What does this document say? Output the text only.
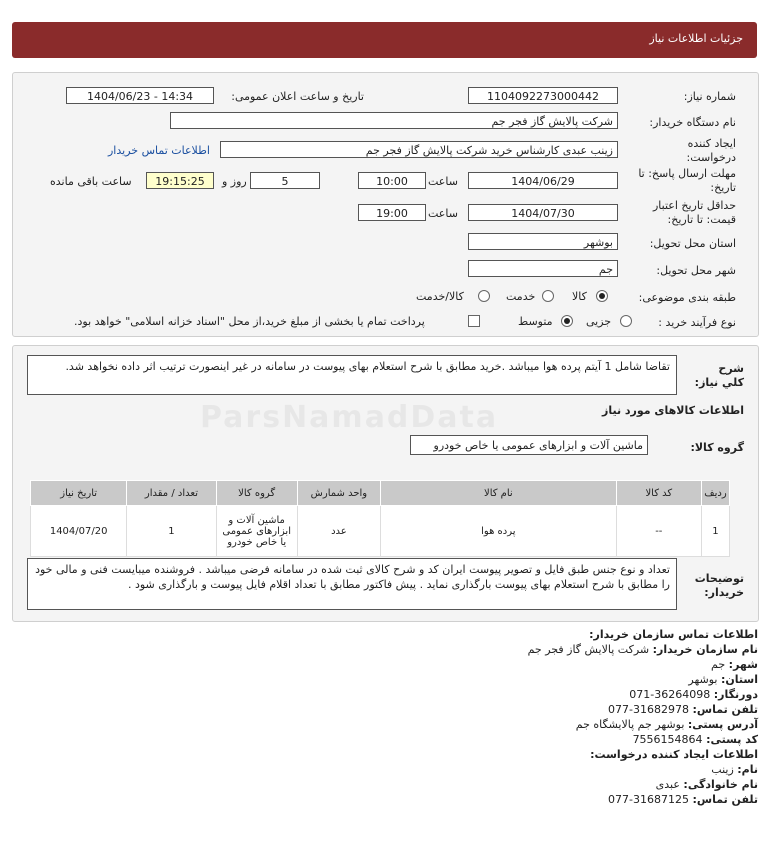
جزئیات اطلاعات نیاز
شماره نیاز:
1104092273000442
تاریخ و ساعت اعلان عمومی:
1404/06/23 - 14:34
نام دستگاه خریدار:
شرکت پالایش گاز فجر جم
ایجاد کننده درخواست:
زینب عبدی کارشناس خرید شرکت پالایش گاز فجر جم
اطلاعات تماس خریدار
مهلت ارسال پاسخ: تا تاریخ:
1404/06/29
ساعت
10:00
5
روز و
19:15:25
ساعت باقی مانده
حداقل تاریخ اعتبار قیمت: تا تاریخ:
1404/07/30
ساعت
19:00
استان محل تحویل:
بوشهر
شهر محل تحویل:
جم
طبقه بندی موضوعی:
کالا
خدمت
کالا/خدمت
نوع فرآیند خرید :
جزیی
متوسط
پرداخت تمام یا بخشی از مبلغ خرید،از محل "اسناد خزانه اسلامی" خواهد بود.
شرح کلي نياز:
تقاضا شامل 1 آیتم پرده هوا میباشد .خرید مطابق با شرح استعلام بهای پیوست در سامانه در غیر اینصورت ترتیب اثر داده نخواهد شد.
اطلاعات کالاهای مورد نیاز
گروه کالا:
ماشین آلات و ابزارهای عمومی یا خاص خودرو
ردیف	کد کالا	نام کالا	واحد شمارش	گروه کالا	تعداد / مقدار	تاریخ نیاز
1	--	پرده هوا	عدد	ماشین آلات و ابزارهای عمومی یا خاص خودرو	1	1404/07/20
توضیحات خریدار:
تعداد و نوع جنس طبق فایل و تصویر پیوست ایران کد و شرح کالای ثبت شده در سامانه فرضی میباشد . فروشنده میبایست فنی و مالی خود را مطابق با شرح استعلام بهای پیوست بارگذاری نماید . پیش فاکتور مطابق با تعداد اقلام فایل پیوست و بارگذاری شود .
اطلاعات تماس سازمان خریدار:
نام سازمان خریدار: شرکت پالایش گاز فجر جم
شهر: جم
استان: بوشهر
دورنگار: 36264098-071
تلفن تماس: 31682978-077
آدرس پستی: بوشهر جم پالایشگاه جم
کد پستی: 7556154864
اطلاعات ایجاد کننده درخواست:
نام: زینب
نام خانوادگی: عبدی
تلفن تماس: 31687125-077
